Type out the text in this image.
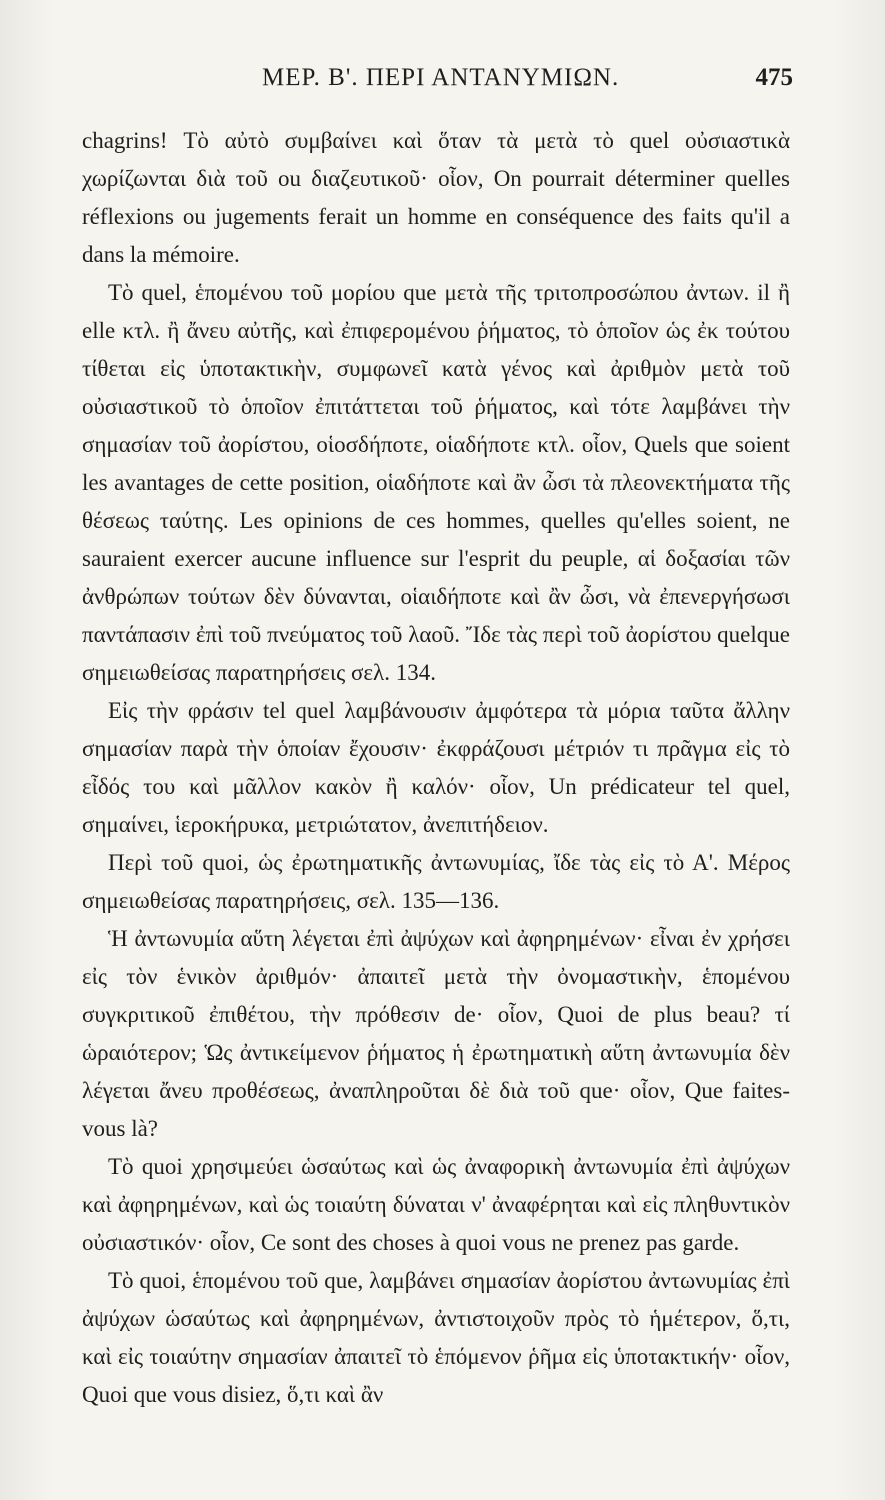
ΜΕΡ. Β'. ΠΕΡΙ ΑΝΤΑΝΥΜΙΩΝ.	475

chagrins! Τὸ αὐτὸ συμβαίνει καὶ ὅταν τὰ μετὰ τὸ quel οὐσιαστικὰ χωρίζωνται διὰ τοῦ ou διαζευτικοῦ· οἷον, On pourrait déterminer quelles réflexions ou jugements ferait un homme en conséquence des faits qu'il a dans la mémoire.

Τὸ quel, ἑπομένου τοῦ μορίου que μετὰ τῆς τριτοπροσώπου ἀντων. il ἢ elle κτλ. ἢ ἄνευ αὐτῆς, καὶ ἐπιφερομένου ῥήματος, τὸ ὁποῖον ὡς ἐκ τούτου τίθεται εἰς ὑποτακτικὴν, συμφωνεῖ κατὰ γένος καὶ ἀριθμὸν μετὰ τοῦ οὐσιαστικοῦ τὸ ὁποῖον ἐπιτάττεται τοῦ ῥήματος, καὶ τότε λαμβάνει τὴν σημασίαν τοῦ ἀορίστου, οἱοσδήποτε, οἱαδήποτε κτλ. οἷον, Quels que soient les avantages de cette position, οἱαδήποτε καὶ ἂν ὦσι τὰ πλεονεκτήματα τῆς θέσεως ταύτης. Les opinions de ces hommes, quelles qu'elles soient, ne sauraient exercer aucune influence sur l'esprit du peuple, αἱ δοξασίαι τῶν ἀνθρώπων τούτων δὲν δύνανται, οἱαιδήποτε καὶ ἂν ὦσι, νὰ ἐπενεργήσωσι παντάπασιν ἐπὶ τοῦ πνεύματος τοῦ λαοῦ. Ἴδε τὰς περὶ τοῦ ἀορίστου quelque σημειωθείσας παρατηρήσεις σελ. 134.

Εἰς τὴν φράσιν tel quel λαμβάνουσιν ἀμφότερα τὰ μόρια ταῦτα ἄλλην σημασίαν παρὰ τὴν ὁποίαν ἔχουσιν· ἐκφράζουσι μέτριόν τι πρᾶγμα εἰς τὸ εἶδός του καὶ μᾶλλον κακὸν ἢ καλόν· οἷον, Un prédicateur tel quel, σημαίνει, ἱεροκήρυκα, μετριώτατον, ἀνεπιτήδειον.

Περὶ τοῦ quoi, ὡς ἐρωτηματικῆς ἀντωνυμίας, ἴδε τὰς εἰς τὸ Α'. Μέρος σημειωθείσας παρατηρήσεις, σελ. 135—136.

Ἡ ἀντωνυμία αὕτη λέγεται ἐπὶ ἀψύχων καὶ ἀφηρημένων· εἶναι ἐν χρήσει εἰς τὸν ἑνικὸν ἀριθμόν· ἀπαιτεῖ μετὰ τὴν ὀνομαστικὴν, ἑπομένου συγκριτικοῦ ἐπιθέτου, τὴν πρόθεσιν de· οἷον, Quoi de plus beau? τί ὡραιότερον; Ὡς ἀντικείμενον ῥήματος ἡ ἐρωτηματικὴ αὕτη ἀντωνυμία δὲν λέγεται ἄνευ προθέσεως, ἀναπληροῦται δὲ διὰ τοῦ que· οἷον, Que faites-vous là?

Τὸ quoi χρησιμεύει ὡσαύτως καὶ ὡς ἀναφορικὴ ἀντωνυμία ἐπὶ ἀψύχων καὶ ἀφηρημένων, καὶ ὡς τοιαύτη δύναται ν' ἀναφέρηται καὶ εἰς πληθυντικὸν οὐσιαστικόν· οἷον, Ce sont des choses à quoi vous ne prenez pas garde.

Τὸ quoi, ἑπομένου τοῦ que, λαμβάνει σημασίαν ἀορίστου ἀντωνυμίας ἐπὶ ἀψύχων ὡσαύτως καὶ ἀφηρημένων, ἀντιστοιχοῦν πρὸς τὸ ἡμέτερον, ὅ,τι, καὶ εἰς τοιαύτην σημασίαν ἀπαιτεῖ τὸ ἑπόμενον ῥῆμα εἰς ὑποτακτικήν· οἷον, Quoi que vous disiez, ὅ,τι καὶ ἂν
